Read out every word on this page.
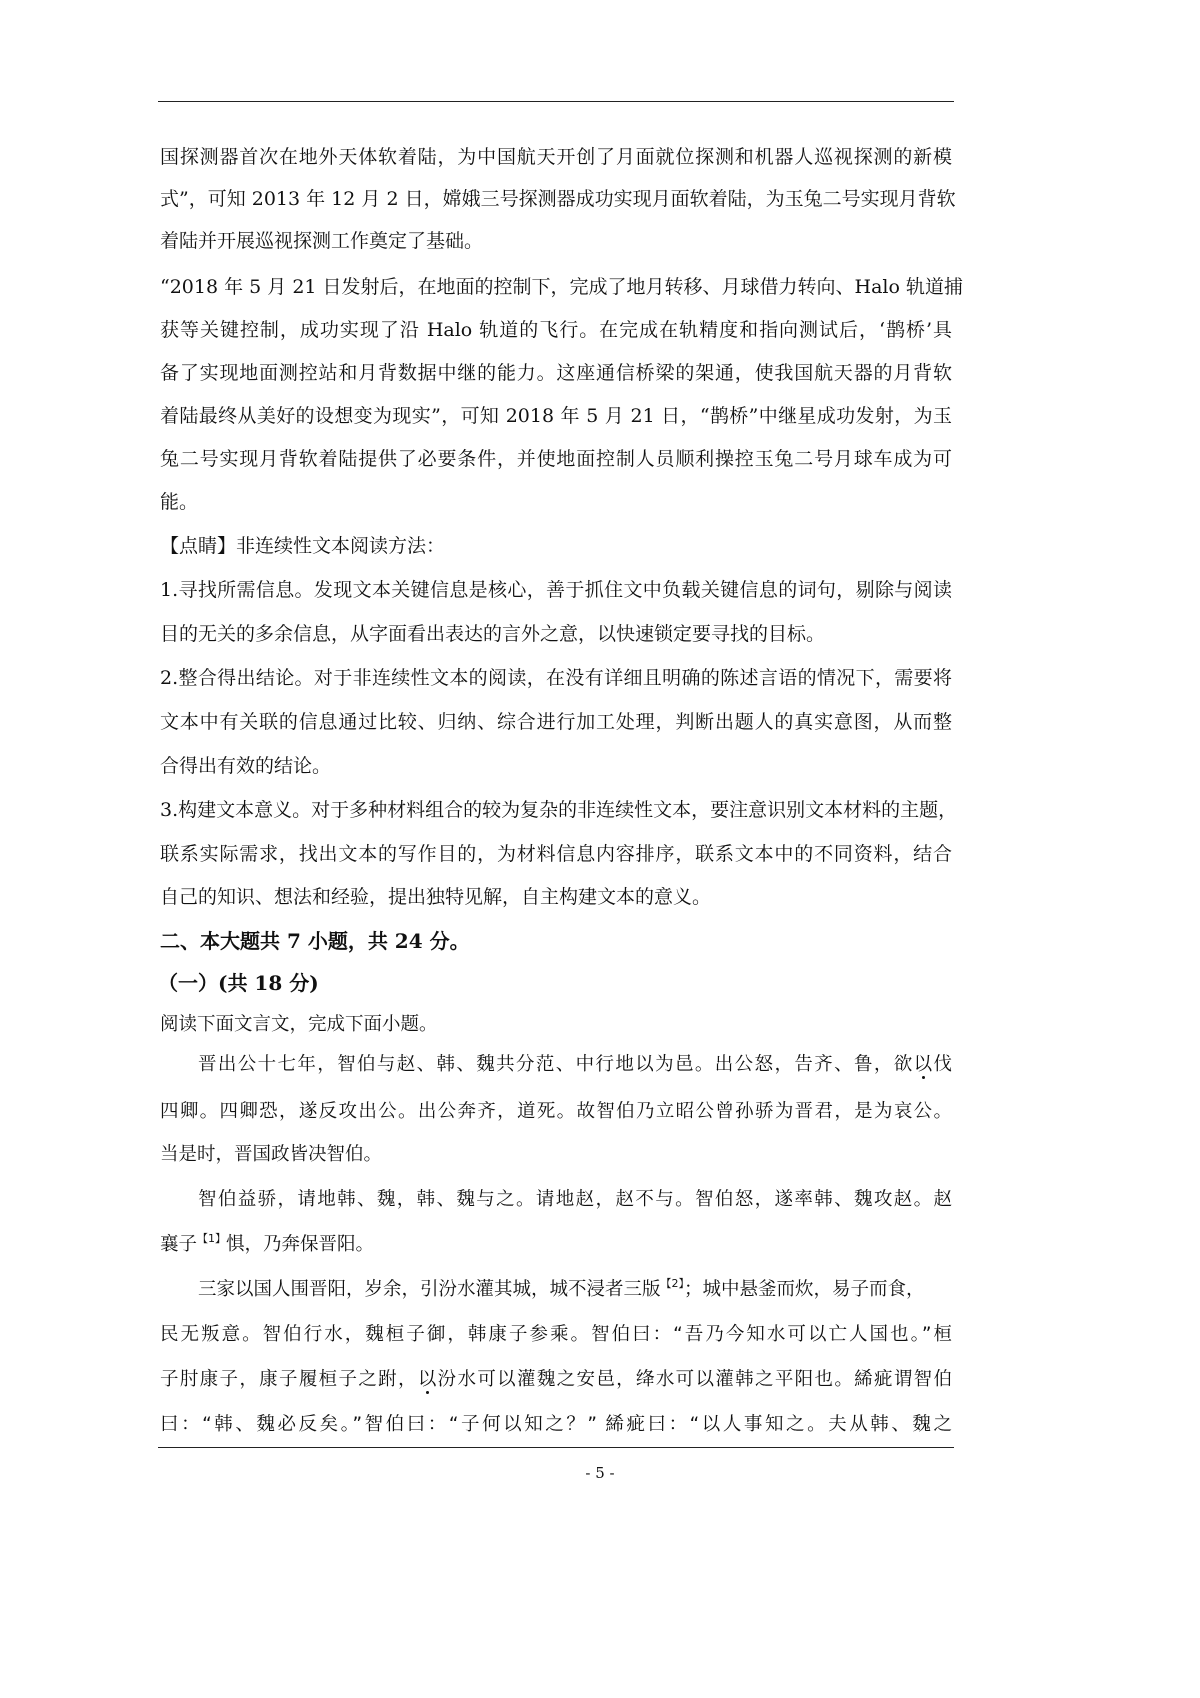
国探测器首次在地外天体软着陆，为中国航天开创了月面就位探测和机器人巡视探测的新模
式”，可知 2013 年 12 月 2 日，嫦娥三号探测器成功实现月面软着陆，为玉兔二号实现月背软
着陆并开展巡视探测工作奠定了基础。
“2018 年 5 月 21 日发射后，在地面的控制下，完成了地月转移、月球借力转向、Halo 轨道捕
获等关键控制，成功实现了沿 Halo 轨道的飞行。在完成在轨精度和指向测试后，‘鹊桥’具
备了实现地面测控站和月背数据中继的能力。这座通信桥梁的架通，使我国航天器的月背软
着陆最终从美好的设想变为现实”，可知 2018 年 5 月 21 日，“鹊桥”中继星成功发射，为玉
兔二号实现月背软着陆提供了必要条件，并使地面控制人员顺利操控玉兔二号月球车成为可
能。
【点睛】非连续性文本阅读方法：
1.寻找所需信息。发现文本关键信息是核心，善于抓住文中负载关键信息的词句，剔除与阅读
目的无关的多余信息，从字面看出表达的言外之意，以快速锁定要寻找的目标。
2.整合得出结论。对于非连续性文本的阅读，在没有详细且明确的陈述言语的情况下，需要将
文本中有关联的信息通过比较、归纳、综合进行加工处理，判断出题人的真实意图，从而整
合得出有效的结论。
3.构建文本意义。对于多种材料组合的较为复杂的非连续性文本，要注意识别文本材料的主题，
联系实际需求，找出文本的写作目的，为材料信息内容排序，联系文本中的不同资料，结合
自己的知识、想法和经验，提出独特见解，自主构建文本的意义。
二、本大题共 7 小题，共 24 分。
（一）(共 18 分)
阅读下面文言文，完成下面小题。
晋出公十七年，智伯与赵、韩、魏共分范、中行地以为邑。出公怒，告齐、鲁，欲以伐
四卿。四卿恐，遂反攻出公。出公奔齐，道死。故智伯乃立昭公曾孙骄为晋君，是为哀公。
当是时，晋国政皆决智伯。
智伯益骄，请地韩、魏，韩、魏与之。请地赵，赵不与。智伯怒，遂率韩、魏攻赵。赵
襄子$^{【1】}$惧，乃奔保晋阳。
三家以国人围晋阳，岁余，引汾水灌其城，城不浸者三版$^{【2】}$；城中悬釜而炊，易子而食，
民无叛意。智伯行水，魏桓子御，韩康子参乘。智伯曰：“吾乃今知水可以亡人国也。”桓
子肘康子，康子履桓子之跗，以汾水可以灌魏之安邑，绛水可以灌韩之平阳也。絺疵谓智伯
曰：“韩、魏必反矣。”智伯曰：“子何以知之？” 絺疵曰：“以人事知之。夫从韩、魏之
- 5 -
